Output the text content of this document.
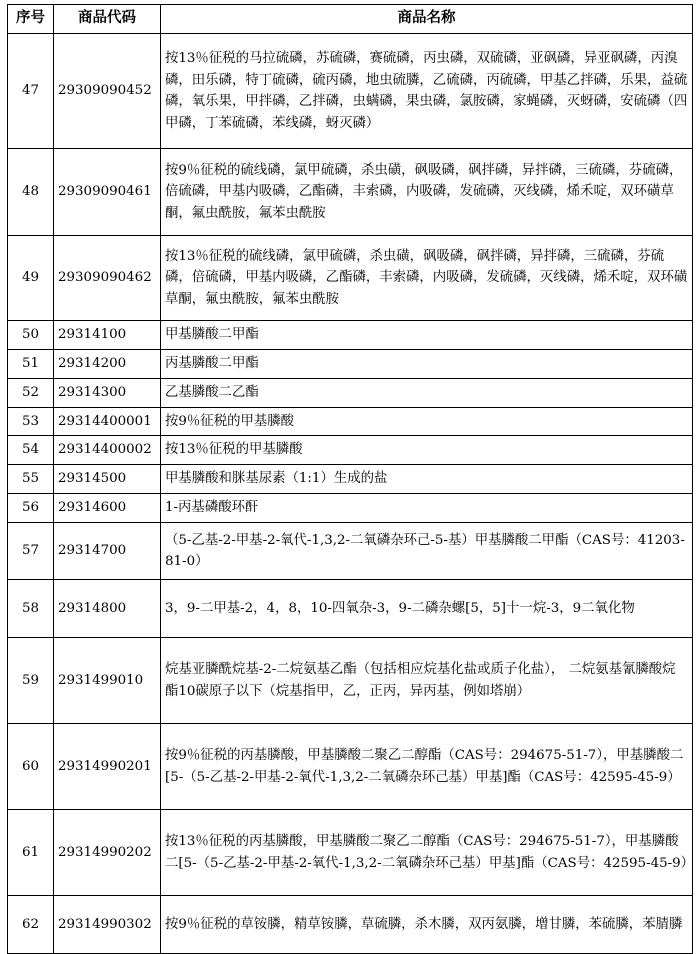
序号	商品代码	商品名称
47	29309090452	按13％征税的马拉硫磷，苏硫磷，赛硫磷，丙虫磷，双硫磷，亚砜磷，异亚砜磷，丙溴磷，田乐磷，特丁硫磷，硫丙磷，地虫硫膦，乙硫磷，丙硫磷，甲基乙拌磷，乐果，益硫磷，氧乐果，甲拌磷，乙拌磷，虫螨磷，果虫磷，氯胺磷，家蝇磷，灭蚜磷，安硫磷（四甲磷，丁苯硫磷，苯线磷，蚜灭磷）
48	29309090461	按9％征税的硫线磷，氯甲硫磷，杀虫磺，砜吸磷，砜拌磷，异拌磷，三硫磷，芬硫磷，倍硫磷，甲基内吸磷，乙酯磷，丰索磷，内吸磷，发硫磷，灭线磷，烯禾啶，双环磺草酮，氟虫酰胺，氟苯虫酰胺
49	29309090462	按13％征税的硫线磷，氯甲硫磷，杀虫磺，砜吸磷，砜拌磷，异拌磷，三硫磷，芬硫磷，倍硫磷，甲基内吸磷，乙酯磷，丰索磷，内吸磷，发硫磷，灭线磷，烯禾啶，双环磺草酮，氟虫酰胺，氟苯虫酰胺
50	29314100	甲基膦酸二甲酯
51	29314200	丙基膦酸二甲酯
52	29314300	乙基膦酸二乙酯
53	29314400001	按9％征税的甲基膦酸
54	29314400002	按13％征税的甲基膦酸
55	29314500	甲基膦酸和脒基尿素（1:1）生成的盐
56	29314600	1-丙基磷酸环酐
57	29314700	（5-乙基-2-甲基-2-氧代-1,3,2-二氧磷杂环己-5-基）甲基膦酸二甲酯（CAS号：41203-81-0）
58	29314800	3，9-二甲基-2，4，8，10-四氧杂-3，9-二磷杂螺[5，5]十一烷-3，9二氧化物
59	2931499010	烷基亚膦酰烷基-2-二烷氨基乙酯（包括相应烷基化盐或质子化盐）， 二烷氨基氰膦酸烷酯10碳原子以下（烷基指甲，乙，正丙，异丙基，例如塔崩）
60	29314990201	按9％征税的丙基膦酸，甲基膦酸二聚乙二醇酯（CAS号：294675-51-7），甲基膦酸二[5-（5-乙基-2-甲基-2-氧代-1,3,2-二氧磷杂环己基）甲基]酯（CAS号：42595-45-9）
61	29314990202	按13％征税的丙基膦酸，甲基膦酸二聚乙二醇酯（CAS号：294675-51-7），甲基膦酸二[5-（5-乙基-2-甲基-2-氧代-1,3,2-二氧磷杂环己基）甲基]酯（CAS号：42595-45-9）
62	29314990302	按9％征税的草铵膦，精草铵膦，草硫膦，杀木膦，双丙氨膦，增甘膦，苯硫膦，苯腈膦
